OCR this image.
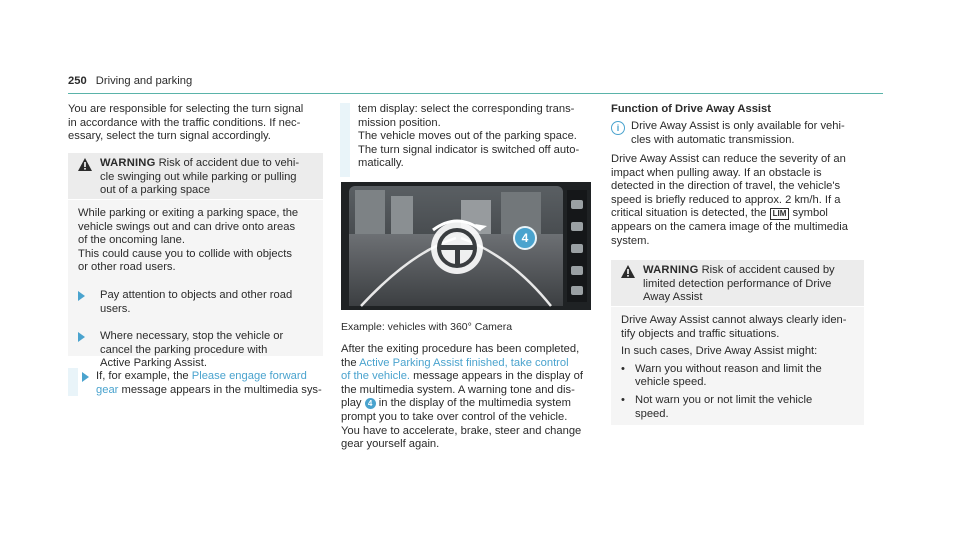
250 Driving and parking

You are responsible for selecting the turn signal

in accordance with the traffic conditions. If nec-

essary, select the turn signal accordingly.

WARNING Risk of accident due to vehi-
cle swinging out while parking or pulling
out of a parking space
While parking or exiting a parking space, the
vehicle swings out and can drive onto areas
of the oncoming lane.
This could cause you to collide with objects
or other road users.
Pay attention to objects and other road
users.
Where necessary, stop the vehicle or
cancel the parking procedure with
Active Parking Assist.
If, for example, the Please engage forward
gear message appears in the multimedia sys-

tem display: select the corresponding trans-

mission position.

The vehicle moves out of the parking space.

The turn signal indicator is switched off auto-

matically.

4
Example: vehicles with 360° Camera

After the exiting procedure has been completed,

the Active Parking Assist finished, take control

of the vehicle. message appears in the display of

the multimedia system. A warning tone and dis-

play 4 in the display of the multimedia system

prompt you to take over control of the vehicle.

You have to accelerate, brake, steer and change

gear yourself again.

Function of Drive Away Assist
i	Drive Away Assist is only available for vehi-

cles with automatic transmission.

Drive Away Assist can reduce the severity of an

impact when pulling away. If an obstacle is

detected in the direction of travel, the vehicle's

speed is briefly reduced to approx. 2 km/h. If a

critical situation is detected, the LIM symbol

appears on the camera image of the multimedia

system.

WARNING Risk of accident caused by
limited detection performance of Drive
Away Assist
Drive Away Assist cannot always clearly iden-
tify objects and traffic situations.
In such cases, Drive Away Assist might:
• Warn you without reason and limit the
vehicle speed.
• Not warn you or not limit the vehicle
speed.
